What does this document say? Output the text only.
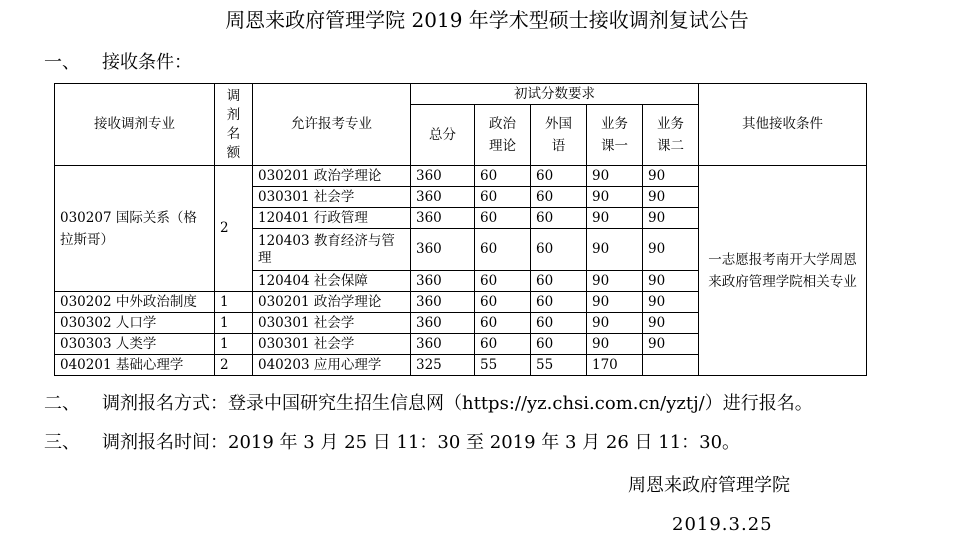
周恩来政府管理学院 2019 年学术型硕士接收调剂复试公告
一、 接收条件：
接收调剂专业	调剂名额	允许报考专业	初试分数要求					其他接收条件
			总分	政治理论	外国语	业务课一	业务课二	
030207 国际关系（格拉斯哥）	2	030201 政治学理论	360	60	60	90	90	一志愿报考南开大学周恩来政府管理学院相关专业
		030301 社会学	360	60	60	90	90	
		120401 行政管理	360	60	60	90	90	
		120403 教育经济与管理	360	60	60	90	90	
		120404 社会保障	360	60	60	90	90	
030202 中外政治制度	1	030201 政治学理论	360	60	60	90	90	
030302 人口学	1	030301 社会学	360	60	60	90	90	
030303 人类学	1	030301 社会学	360	60	60	90	90	
040201 基础心理学	2	040203 应用心理学	325	55	55	170		
二、 调剂报名方式：登录中国研究生招生信息网（https://yz.chsi.com.cn/yztj/）进行报名。
三、 调剂报名时间：2019 年 3 月 25 日 11：30 至 2019 年 3 月 26 日 11：30。
周恩来政府管理学院
2019.3.25
